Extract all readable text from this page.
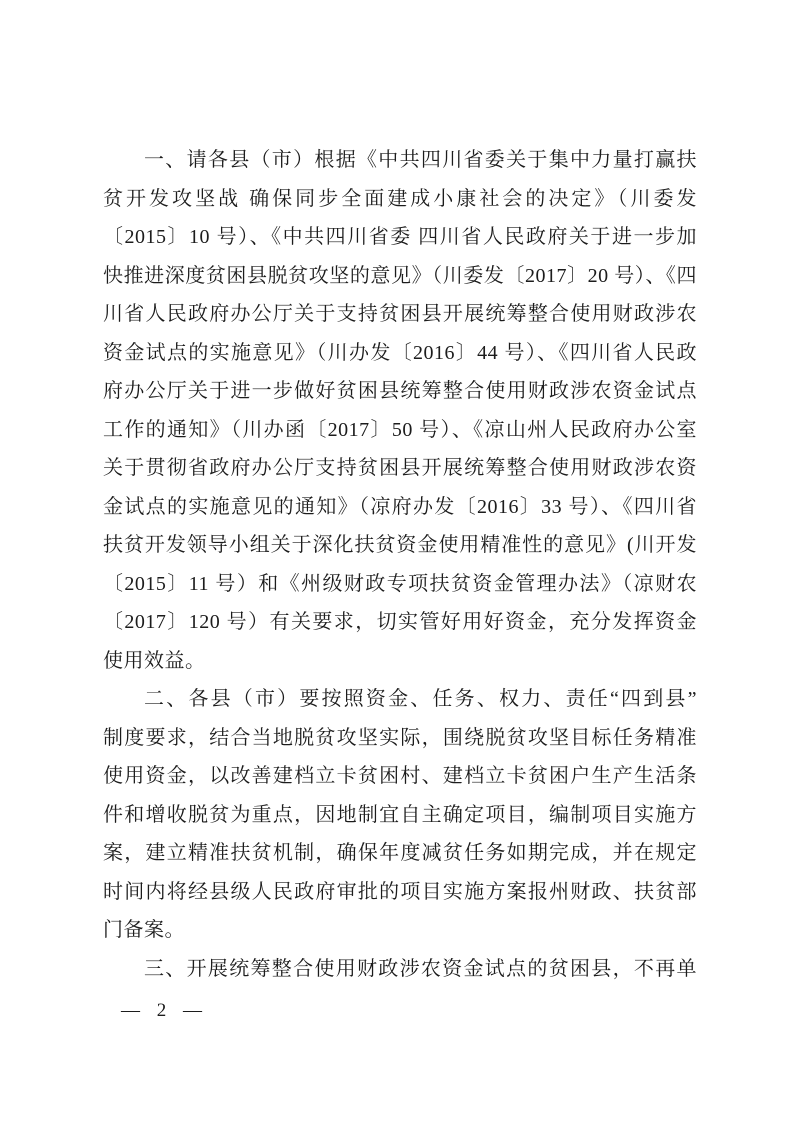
一、请各县（市）根据《中共四川省委关于集中力量打赢扶
贫开发攻坚战 确保同步全面建成小康社会的决定》（川委发
〔2015〕10 号）、《中共四川省委 四川省人民政府关于进一步加
快推进深度贫困县脱贫攻坚的意见》（川委发〔2017〕20 号）、《四
川省人民政府办公厅关于支持贫困县开展统筹整合使用财政涉农
资金试点的实施意见》（川办发〔2016〕44 号）、《四川省人民政
府办公厅关于进一步做好贫困县统筹整合使用财政涉农资金试点
工作的通知》（川办函〔2017〕50 号）、《凉山州人民政府办公室
关于贯彻省政府办公厅支持贫困县开展统筹整合使用财政涉农资
金试点的实施意见的通知》（凉府办发〔2016〕33 号）、《四川省
扶贫开发领导小组关于深化扶贫资金使用精准性的意见》(川开发
〔2015〕11 号）和《州级财政专项扶贫资金管理办法》（凉财农
〔2017〕120 号）有关要求，切实管好用好资金，充分发挥资金
使用效益。
二、各县（市）要按照资金、任务、权力、责任“四到县”
制度要求，结合当地脱贫攻坚实际，围绕脱贫攻坚目标任务精准
使用资金，以改善建档立卡贫困村、建档立卡贫困户生产生活条
件和增收脱贫为重点，因地制宜自主确定项目，编制项目实施方
案，建立精准扶贫机制，确保年度减贫任务如期完成，并在规定
时间内将经县级人民政府审批的项目实施方案报州财政、扶贫部
门备案。
三、开展统筹整合使用财政涉农资金试点的贫困县，不再单
— 2 —
